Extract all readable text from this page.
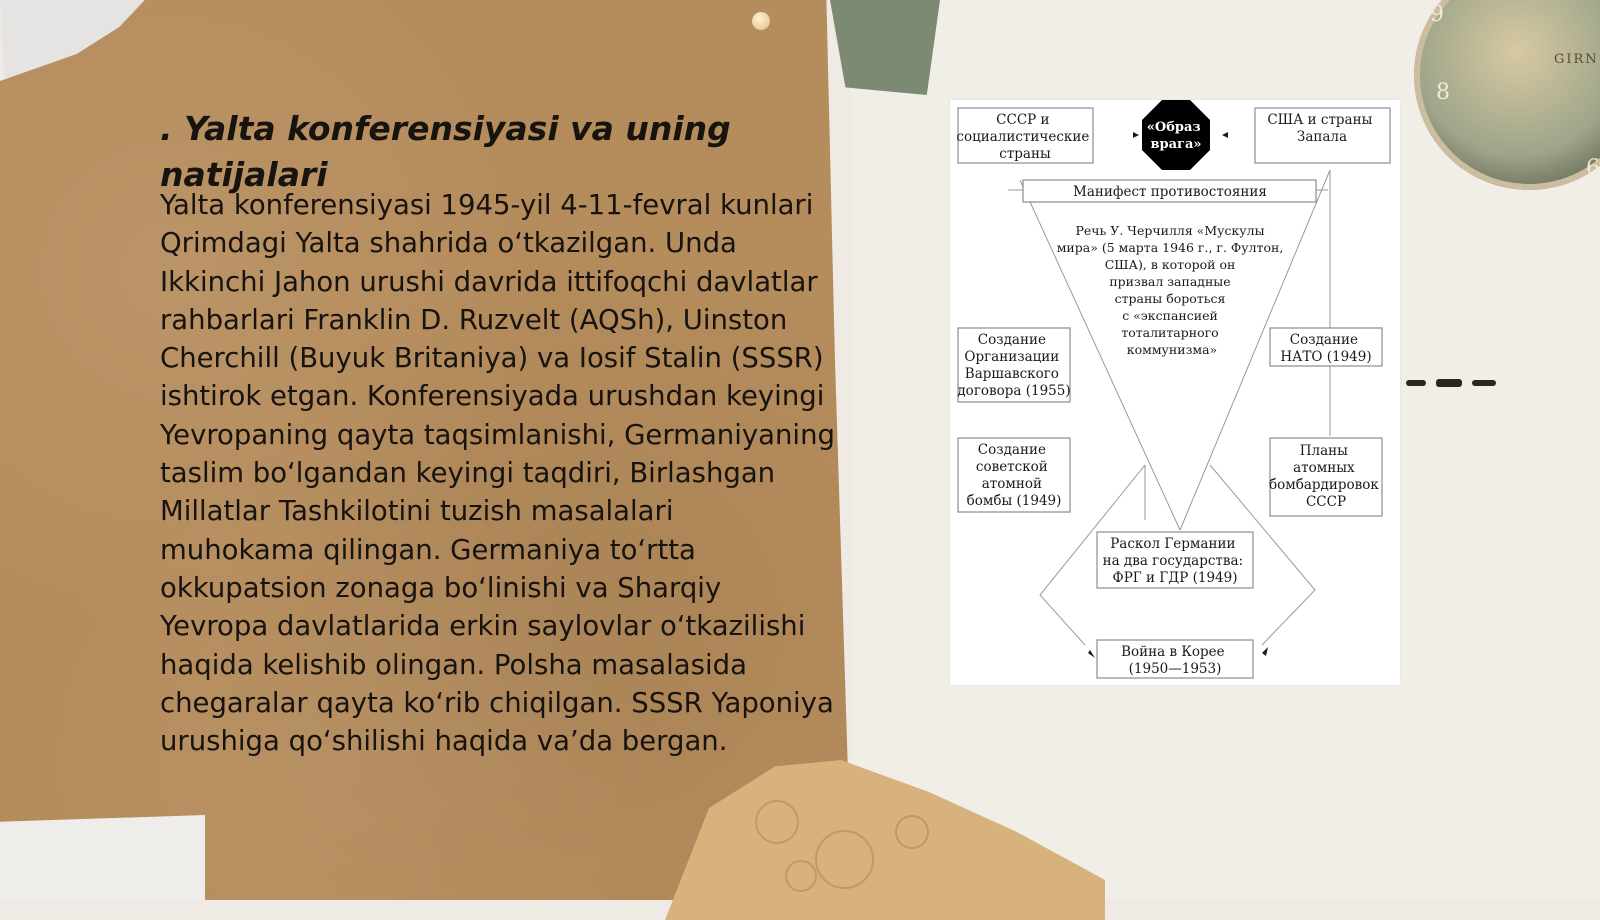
9
8
6
GIRN
. Yalta konferensiyasi va uning natijalari

Yalta konferensiyasi 1945-yil 4-11-fevral kunlari Qrimdagi Yalta shahrida o‘tkazilgan. Unda Ikkinchi Jahon urushi davrida ittifoqchi davlatlar rahbarlari Franklin D. Ruzvelt (AQSh), Uinston Cherchill (Buyuk Britaniya) va Iosif Stalin (SSSR) ishtirok etgan. Konferensiyada urushdan keyingi Yevropaning qayta taqsimlanishi, Germaniyaning taslim bo‘lgandan keyingi taqdiri, Birlashgan Millatlar Tashkilotini tuzish masalalari muhokama qilingan. Germaniya to‘rtta okkupatsion zonaga bo‘linishi va Sharqiy Yevropa davlatlarida erkin saylovlar o‘tkazilishi haqida kelishib olingan. Polsha masalasida chegaralar qayta ko‘rib chiqilgan. SSSR Yaponiya urushiga qo‘shilishi haqida va’da bergan.

СССР и социалистические страны
«Образ врага»
США и страны Запала
Манифест противостояния
Речь У. Черчилля «Мускулы мира» (5 марта 1946 г., г. Фултон, США), в которой он призвал западные страны бороться с «экспансией тоталитарного коммунизма»
Создание Организации Варшавского договора (1955)
Создание НАТО (1949)
Создание советской атомной бомбы (1949)
Планы атомных бомбардировок СССР
Раскол Германии на два государства: ФРГ и ГДР (1949)
Война в Корее (1950—1953)
